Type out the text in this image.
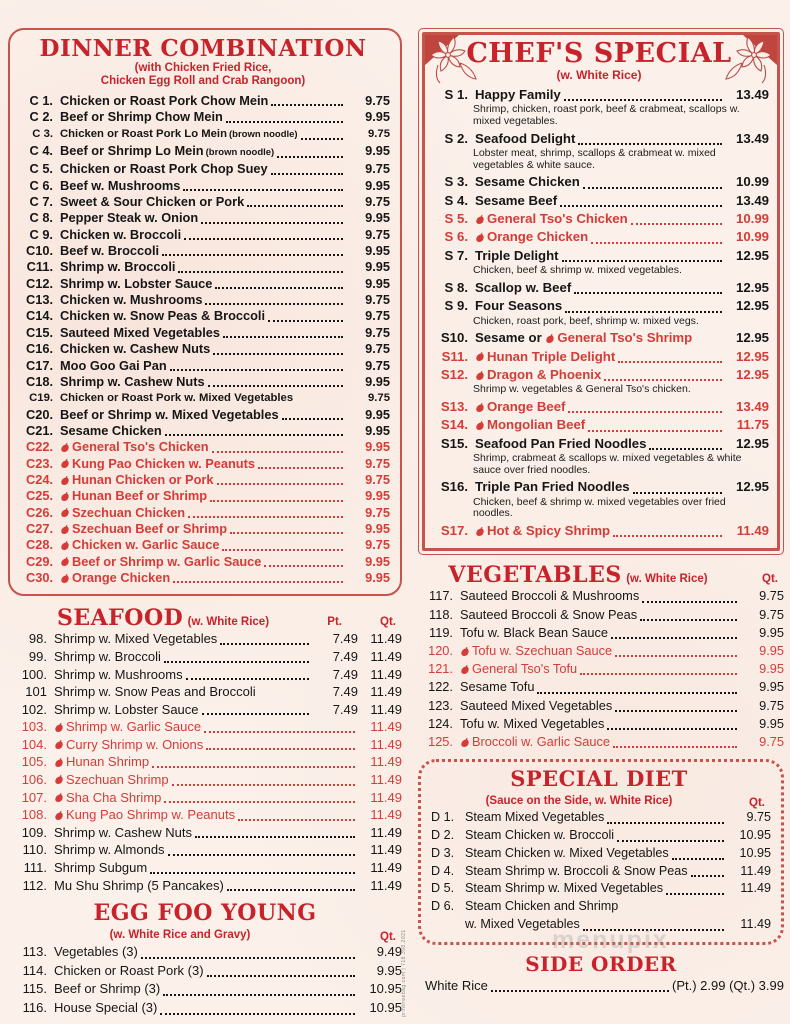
DINNER COMBINATION
(with Chicken Fried Rice,
Chicken Egg Roll and Crab Rangoon)
C 1. Chicken or Roast Pork Chow Mein	9.75
C 2. Beef or Shrimp Chow Mein	9.95
C 3. Chicken or Roast Pork Lo Mein (brown noodle)	9.75
C 4. Beef or Shrimp Lo Mein (brown noodle)	9.95
C 5. Chicken or Roast Pork Chop Suey	9.75
C 6. Beef w. Mushrooms	9.95
C 7. Sweet & Sour Chicken or Pork	9.75
C 8. Pepper Steak w. Onion	9.95
C 9. Chicken w. Broccoli	9.75
C10. Beef w. Broccoli	9.95
C11. Shrimp w. Broccoli	9.95
C12. Shrimp w. Lobster Sauce	9.95
C13. Chicken w. Mushrooms	9.75
C14. Chicken w. Snow Peas & Broccoli	9.75
C15. Sauteed Mixed Vegetables	9.75
C16. Chicken w. Cashew Nuts	9.75
C17. Moo Goo Gai Pan	9.75
C18. Shrimp w. Cashew Nuts	9.95
C19. Chicken or Roast Pork w. Mixed Vegetables	9.75
C20. Beef or Shrimp w. Mixed Vegetables	9.95
C21. Sesame Chicken	9.95
C22.	General Tso's Chicken	9.95
C23.	Kung Pao Chicken w. Peanuts	9.75
C24.	Hunan Chicken or Pork	9.75
C25.	Hunan Beef or Shrimp	9.95
C26.	Szechuan Chicken	9.75
C27.	Szechuan Beef or Shrimp	9.95
C28.	Chicken w. Garlic Sauce	9.75
C29.	Beef or Shrimp w. Garlic Sauce	9.95
C30.	Orange Chicken	9.95
SEAFOOD (w. White Rice)	Pt.	Qt.
98. Shrimp w. Mixed Vegetables	7.49 11.49
99. Shrimp w. Broccoli	7.49 11.49
100. Shrimp w. Mushrooms	7.49 11.49
101 Shrimp w. Snow Peas and Broccoli	7.49 11.49
102. Shrimp w. Lobster Sauce	7.49 11.49
103.	Shrimp w. Garlic Sauce	11.49
104.	Curry Shrimp w. Onions	11.49
105.	Hunan Shrimp	11.49
106.	Szechuan Shrimp	11.49
107.	Sha Cha Shrimp	11.49
108.	Kung Pao Shrimp w. Peanuts	11.49
109. Shrimp w. Cashew Nuts	11.49
110. Shrimp w. Almonds	11.49
111. Shrimp Subgum	11.49
112. Mu Shu Shrimp (5 Pancakes)	11.49
EGG FOO YOUNG
(w. White Rice and Gravy)	Qt.
113. Vegetables (3)	9.49
114. Chicken or Roast Pork (3)	9.95
115. Beef or Shrimp (3)	10.95
116. House Special (3)	10.95
CHEF'S SPECIAL
(w. White Rice)
S 1. Happy Family	13.49
Shrimp, chicken, roast pork, beef & crabmeat, scallops w. mixed vegetables.
S 2. Seafood Delight	13.49
Lobster meat, shrimp, scallops & crabmeat w. mixed vegetables & white sauce.
S 3. Sesame Chicken	10.99
S 4. Sesame Beef	13.49
S 5.	General Tso's Chicken	10.99
S 6.	Orange Chicken	10.99
S 7. Triple Delight	12.95
Chicken, beef & shrimp w. mixed vegetables.
S 8. Scallop w. Beef	12.95
S 9. Four Seasons	12.95
Chicken, roast pork, beef, shrimp w. mixed vegs.
S10. Sesame or General Tso's Shrimp	12.95
S11.	Hunan Triple Delight	12.95
S12.	Dragon & Phoenix	12.95
Shrimp w. vegetables & General Tso's chicken.
S13.	Orange Beef	13.49
S14.	Mongolian Beef	11.75
S15. Seafood Pan Fried Noodles	12.95
Shrimp, crabmeat & scallops w. mixed vegetables & white sauce over fried noodles.
S16. Triple Pan Fried Noodles	12.95
Chicken, beef & shrimp w. mixed vegetables over fried noodles.
S17.	Hot & Spicy Shrimp	11.49
VEGETABLES (w. White Rice)	Qt.
117. Sauteed Broccoli & Mushrooms	9.75
118. Sauteed Broccoli & Snow Peas	9.75
119. Tofu w. Black Bean Sauce	9.95
120.	Tofu w. Szechuan Sauce	9.95
121.	General Tso's Tofu	9.95
122. Sesame Tofu	9.95
123. Sauteed Mixed Vegetables	9.75
124. Tofu w. Mixed Vegetables	9.95
125.	Broccoli w. Garlic Sauce	9.75
SPECIAL DIET
(Sauce on the Side, w. White Rice)	Qt.
D 1. Steam Mixed Vegetables	9.75
D 2. Steam Chicken w. Broccoli	10.95
D 3. Steam Chicken w. Mixed Vegetables	10.95
D 4. Steam Shrimp w. Broccoli & Snow Peas	11.49
D 5. Steam Shrimp w. Mixed Vegetables	11.49
D 6. Steam Chicken and Shrimp
w. Mixed Vegetables	11.49
SIDE ORDER
White Rice	(Pt.) 2.99 (Qt.) 3.99
menupix
printfreebag.com | 718.398.2021
